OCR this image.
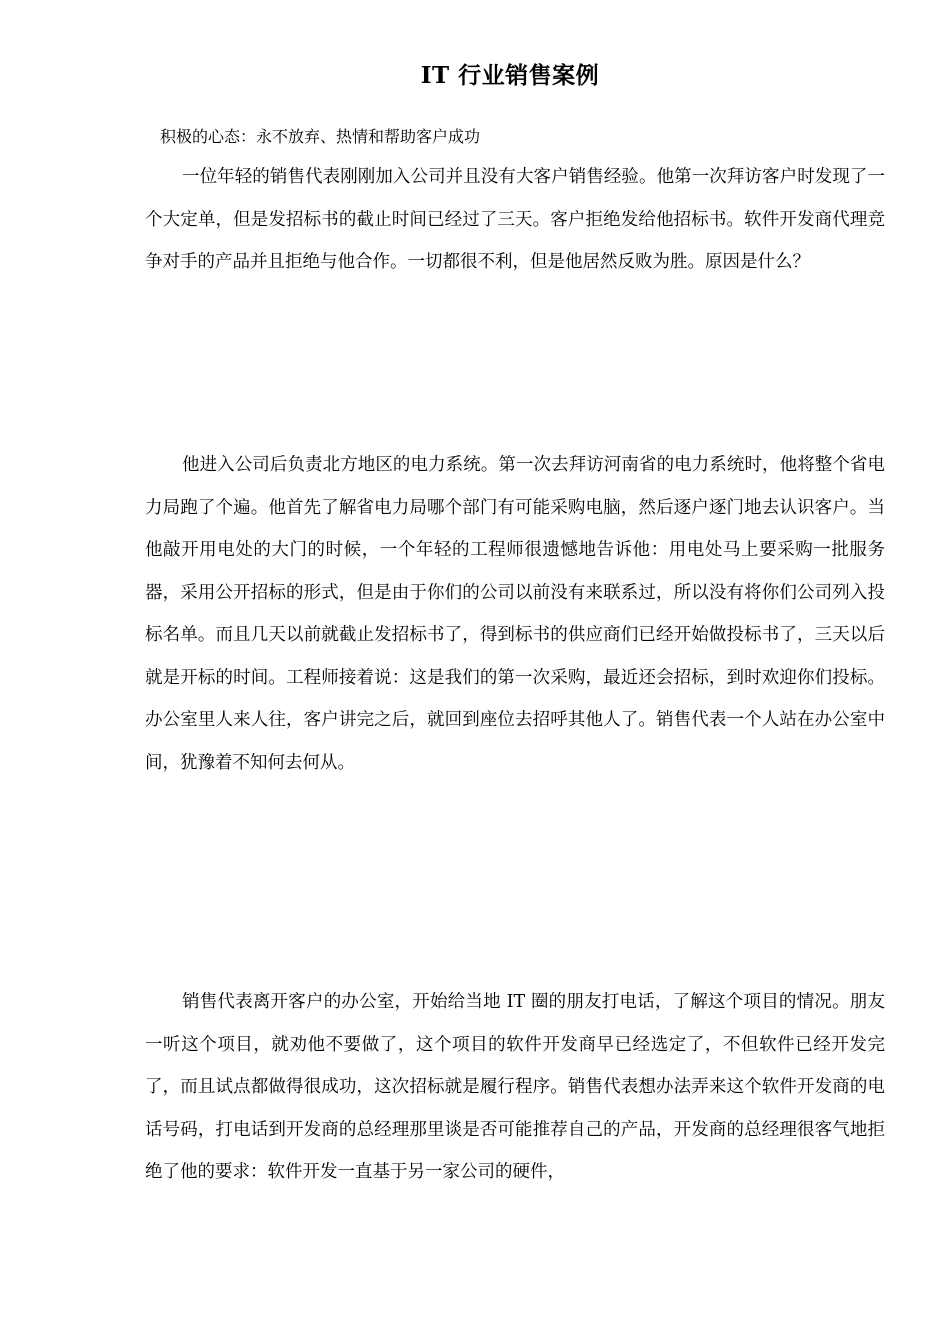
IT 行业销售案例
积极的心态：永不放弃、热情和帮助客户成功

一位年轻的销售代表刚刚加入公司并且没有大客户销售经验。他第一次拜访客户时发现了一个大定单，但是发招标书的截止时间已经过了三天。客户拒绝发给他招标书。软件开发商代理竞争对手的产品并且拒绝与他合作。一切都很不利，但是他居然反败为胜。原因是什么？

他进入公司后负责北方地区的电力系统。第一次去拜访河南省的电力系统时，他将整个省电力局跑了个遍。他首先了解省电力局哪个部门有可能采购电脑，然后逐户逐门地去认识客户。当他敲开用电处的大门的时候，一个年轻的工程师很遗憾地告诉他：用电处马上要采购一批服务器，采用公开招标的形式，但是由于你们的公司以前没有来联系过，所以没有将你们公司列入投标名单。而且几天以前就截止发招标书了，得到标书的供应商们已经开始做投标书了，三天以后就是开标的时间。工程师接着说：这是我们的第一次采购，最近还会招标，到时欢迎你们投标。办公室里人来人往，客户讲完之后，就回到座位去招呼其他人了。销售代表一个人站在办公室中间，犹豫着不知何去何从。

销售代表离开客户的办公室，开始给当地 IT 圈的朋友打电话，了解这个项目的情况。朋友一听这个项目，就劝他不要做了，这个项目的软件开发商早已经选定了，不但软件已经开发完了，而且试点都做得很成功，这次招标就是履行程序。销售代表想办法弄来这个软件开发商的电话号码，打电话到开发商的总经理那里谈是否可能推荐自己的产品，开发商的总经理很客气地拒绝了他的要求：软件开发一直基于另一家公司的硬件，
